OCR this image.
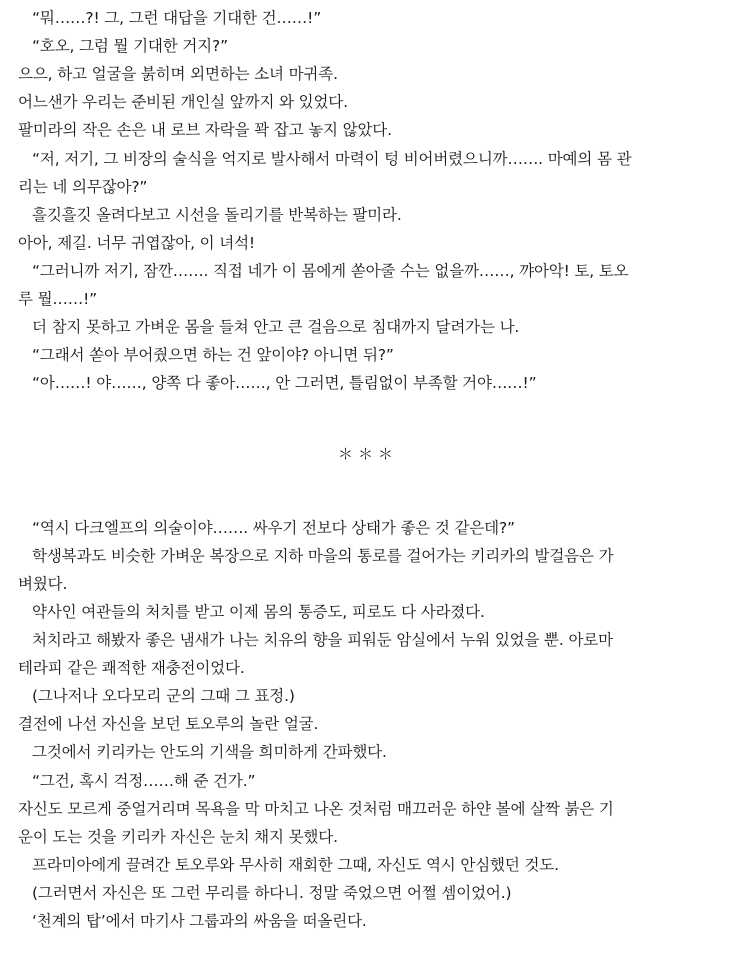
“뭐……?! 그, 그런 대답을 기대한 건……!”

“호오, 그럼 뭘 기대한 거지?”

으으, 하고 얼굴을 붉히며 외면하는 소녀 마귀족.

어느샌가 우리는 준비된 개인실 앞까지 와 있었다.

팔미라의 작은 손은 내 로브 자락을 꽉 잡고 놓지 않았다.

“저, 저기, 그 비장의 술식을 억지로 발사해서 마력이 텅 비어버렸으니까……. 마예의 몸 관

리는 네 의무잖아?”

흘깃흘깃 올려다보고 시선을 돌리기를 반복하는 팔미라.

아아, 제길. 너무 귀엽잖아, 이 녀석!

“그러니까 저기, 잠깐……. 직접 네가 이 몸에게 쏟아줄 수는 없을까……, 꺄아악! 토, 토오

루 뭘……!”

더 참지 못하고 가벼운 몸을 들쳐 안고 큰 걸음으로 침대까지 달려가는 나.

“그래서 쏟아 부어줬으면 하는 건 앞이야? 아니면 뒤?”

“아……! 야……, 양쪽 다 좋아……, 안 그러면, 틀림없이 부족할 거야……!”

＊＊＊

“역시 다크엘프의 의술이야……. 싸우기 전보다 상태가 좋은 것 같은데?”

학생복과도 비슷한 가벼운 복장으로 지하 마을의 통로를 걸어가는 키리카의 발걸음은 가

벼웠다.

약사인 여관들의 처치를 받고 이제 몸의 통증도, 피로도 다 사라졌다.

처치라고 해봤자 좋은 냄새가 나는 치유의 향을 피워둔 암실에서 누워 있었을 뿐. 아로마

테라피 같은 쾌적한 재충전이었다.

(그나저나 오다모리 군의 그때 그 표정.)

결전에 나선 자신을 보던 토오루의 놀란 얼굴.

그것에서 키리카는 안도의 기색을 희미하게 간파했다.

“그건, 혹시 걱정……해 준 건가.”

자신도 모르게 중얼거리며 목욕을 막 마치고 나온 것처럼 매끄러운 하얀 볼에 살짝 붉은 기

운이 도는 것을 키리카 자신은 눈치 채지 못했다.

프라미아에게 끌려간 토오루와 무사히 재회한 그때, 자신도 역시 안심했던 것도.

(그러면서 자신은 또 그런 무리를 하다니. 정말 죽었으면 어쩔 셈이었어.)

‘천계의 탑’에서 마기사 그룹과의 싸움을 떠올린다.
